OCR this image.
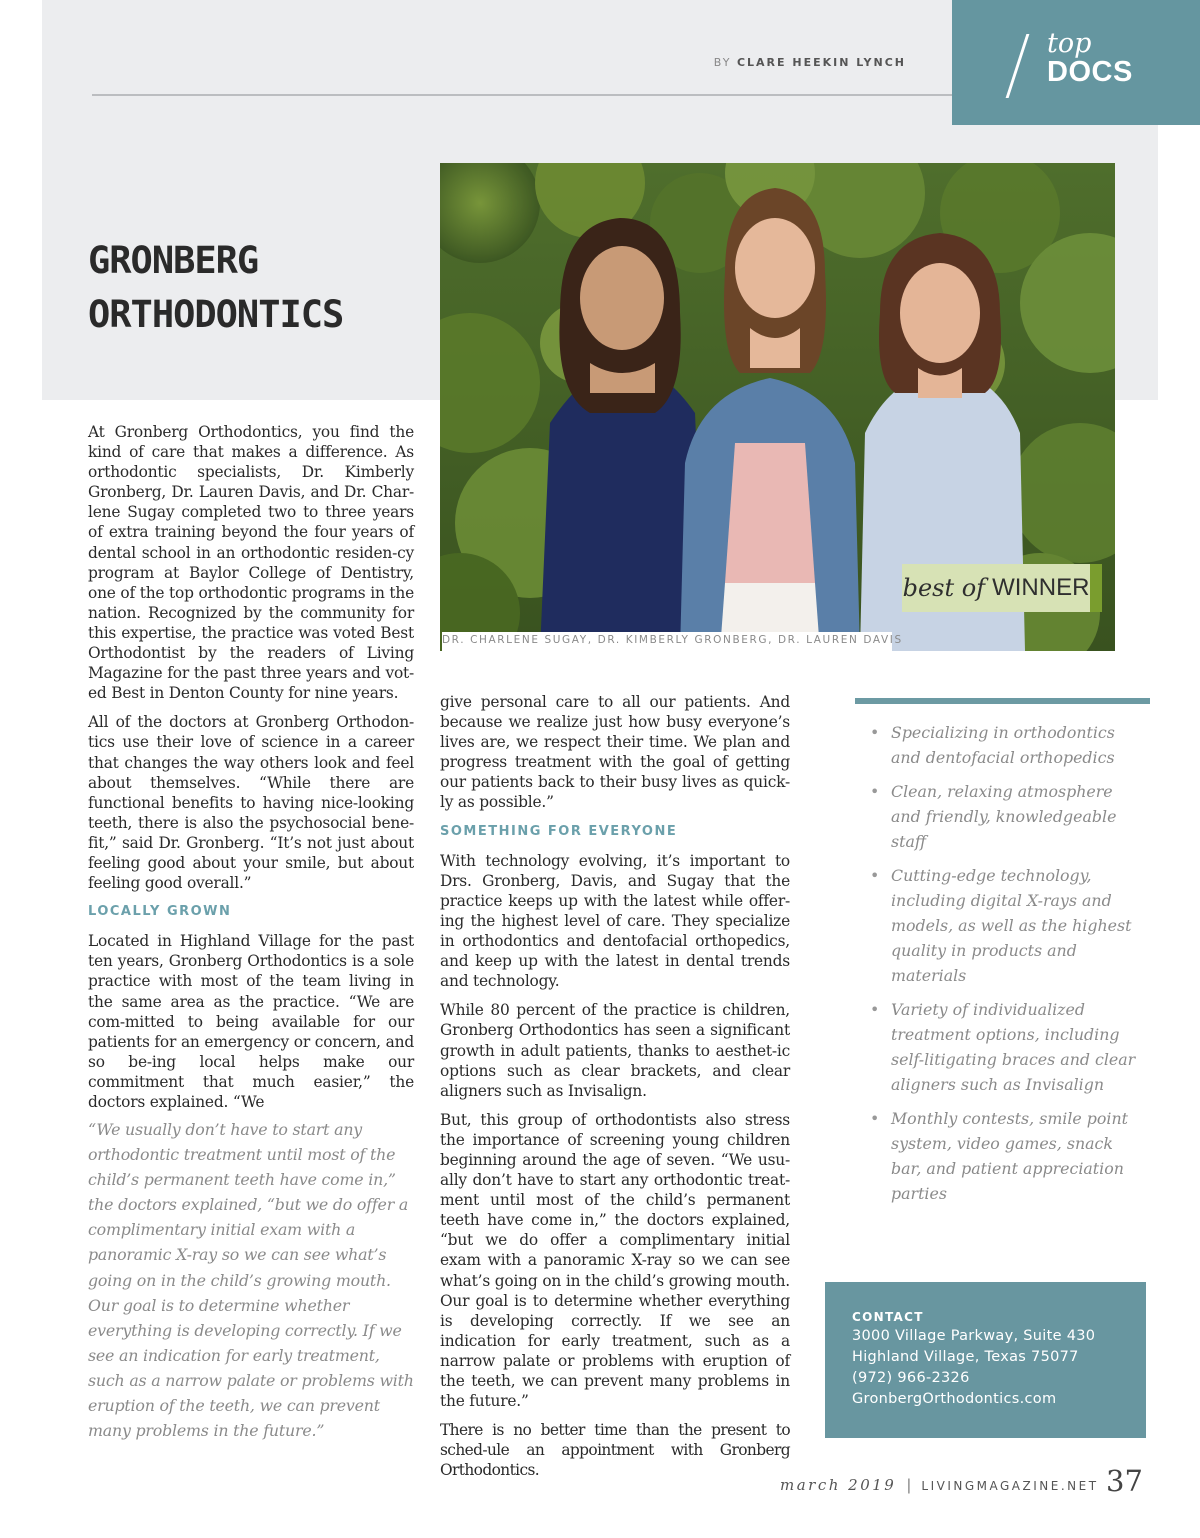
top
DOCS
BY CLARE HEEKIN LYNCH
GRONBERG
ORTHODONTICS
best of WINNER
DR. CHARLENE SUGAY, DR. KIMBERLY GRONBERG, DR. LAUREN DAVIS

At Gronberg Orthodontics, you find the kind of care that makes a difference. As orthodontic specialists, Dr. Kimberly Gronberg, Dr. Lauren Davis, and Dr. Char-lene Sugay completed two to three years of extra training beyond the four years of dental school in an orthodontic residen-cy program at Baylor College of Dentistry, one of the top orthodontic programs in the nation. Recognized by the community for this expertise, the practice was voted Best Orthodontist by the readers of Living Magazine for the past three years and vot-ed Best in Denton County for nine years.

All of the doctors at Gronberg Orthodon-tics use their love of science in a career that changes the way others look and feel about themselves. “While there are functional benefits to having nice-looking teeth, there is also the psychosocial bene-fit,” said Dr. Gronberg. “It’s not just about feeling good about your smile, but about feeling good overall.”

LOCALLY GROWN

Located in Highland Village for the past ten years, Gronberg Orthodontics is a sole practice with most of the team living in the same area as the practice. “We are com-mitted to being available for our patients for an emergency or concern, and so be-ing local helps make our commitment that much easier,” the doctors explained. “We

“We usually don’t have to start any orthodontic treatment until most of the child’s permanent teeth have come in,” the doctors explained, “but we do offer a complimentary initial exam with a panoramic X-ray so we can see what’s going on in the child’s growing mouth. Our goal is to determine whether everything is developing correctly. If we see an indication for early treatment, such as a narrow palate or problems with eruption of the teeth, we can prevent many problems in the future.”

give personal care to all our patients. And because we realize just how busy everyone’s lives are, we respect their time. We plan and progress treatment with the goal of getting our patients back to their busy lives as quick-ly as possible.”

SOMETHING FOR EVERYONE

With technology evolving, it’s important to Drs. Gronberg, Davis, and Sugay that the practice keeps up with the latest while offer-ing the highest level of care. They specialize in orthodontics and dentofacial orthopedics, and keep up with the latest in dental trends and technology.

While 80 percent of the practice is children, Gronberg Orthodontics has seen a significant growth in adult patients, thanks to aesthet-ic options such as clear brackets, and clear aligners such as Invisalign.

But, this group of orthodontists also stress the importance of screening young children beginning around the age of seven. “We usu-ally don’t have to start any orthodontic treat-ment until most of the child’s permanent teeth have come in,” the doctors explained, “but we do offer a complimentary initial exam with a panoramic X-ray so we can see what’s going on in the child’s growing mouth. Our goal is to determine whether everything is developing correctly. If we see an indication for early treatment, such as a narrow palate or problems with eruption of the teeth, we can prevent many problems in the future.”

There is no better time than the present to sched-ule an appointment with Gronberg Orthodontics.

• Specializing in orthodontics and dentofacial orthopedics
• Clean, relaxing atmosphere and friendly, knowledgeable staff
• Cutting-edge technology, including digital X-rays and models, as well as the highest quality in products and materials
• Variety of individualized treatment options, including self-litigating braces and clear aligners such as Invisalign
• Monthly contests, smile point system, video games, snack bar, and patient appreciation parties
CONTACT
3000 Village Parkway, Suite 430
Highland Village, Texas 75077
(972) 966-2326
GronbergOrthodontics.com
march 2019 | LIVINGMAGAZINE.NET 37
